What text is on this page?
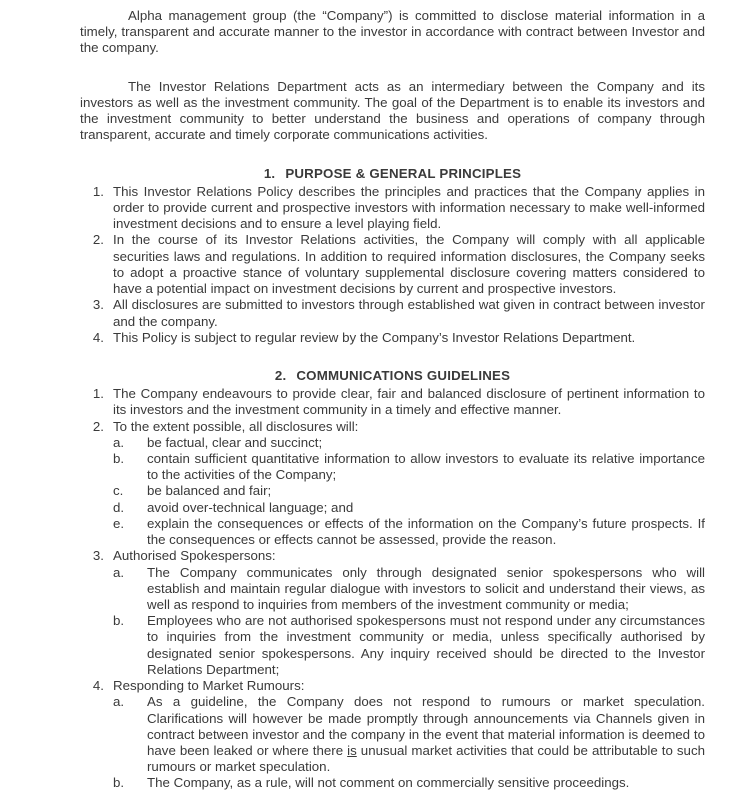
Alpha management group (the “Company”) is committed to disclose material information in a timely, transparent and accurate manner to the investor in accordance with contract between Investor and the company.

The Investor Relations Department acts as an intermediary between the Company and its investors as well as the investment community. The goal of the Department is to enable its investors and the investment community to better understand the business and operations of company through transparent, accurate and timely corporate communications activities.

1. PURPOSE & GENERAL PRINCIPLES
1. This Investor Relations Policy describes the principles and practices that the Company applies in order to provide current and prospective investors with information necessary to make well-informed investment decisions and to ensure a level playing field.
2. In the course of its Investor Relations activities, the Company will comply with all applicable securities laws and regulations. In addition to required information disclosures, the Company seeks to adopt a proactive stance of voluntary supplemental disclosure covering matters considered to have a potential impact on investment decisions by current and prospective investors.
3. All disclosures are submitted to investors through established wat given in contract between investor and the company.
4. This Policy is subject to regular review by the Company’s Investor Relations Department.
2. COMMUNICATIONS GUIDELINES
1. The Company endeavours to provide clear, fair and balanced disclosure of pertinent information to its investors and the investment community in a timely and effective manner.
2. To the extent possible, all disclosures will:
a.	be factual, clear and succinct;
b.	contain sufficient quantitative information to allow investors to evaluate its relative importance to the activities of the Company;
c.	be balanced and fair;
d.	avoid over-technical language; and
e.	explain the consequences or effects of the information on the Company’s future prospects. If the consequences or effects cannot be assessed, provide the reason.
3. Authorised Spokespersons:
a.	The Company communicates only through designated senior spokespersons who will establish and maintain regular dialogue with investors to solicit and understand their views, as well as respond to inquiries from members of the investment community or media;
b.	Employees who are not authorised spokespersons must not respond under any circumstances to inquiries from the investment community or media, unless specifically authorised by designated senior spokespersons. Any inquiry received should be directed to the Investor Relations Department;
4. Responding to Market Rumours:
a.	As a guideline, the Company does not respond to rumours or market speculation. Clarifications will however be made promptly through announcements via Channels given in contract between investor and the company in the event that material information is deemed to have been leaked or where there is unusual market activities that could be attributable to such rumours or market speculation.
b.	The Company, as a rule, will not comment on commercially sensitive proceedings.
